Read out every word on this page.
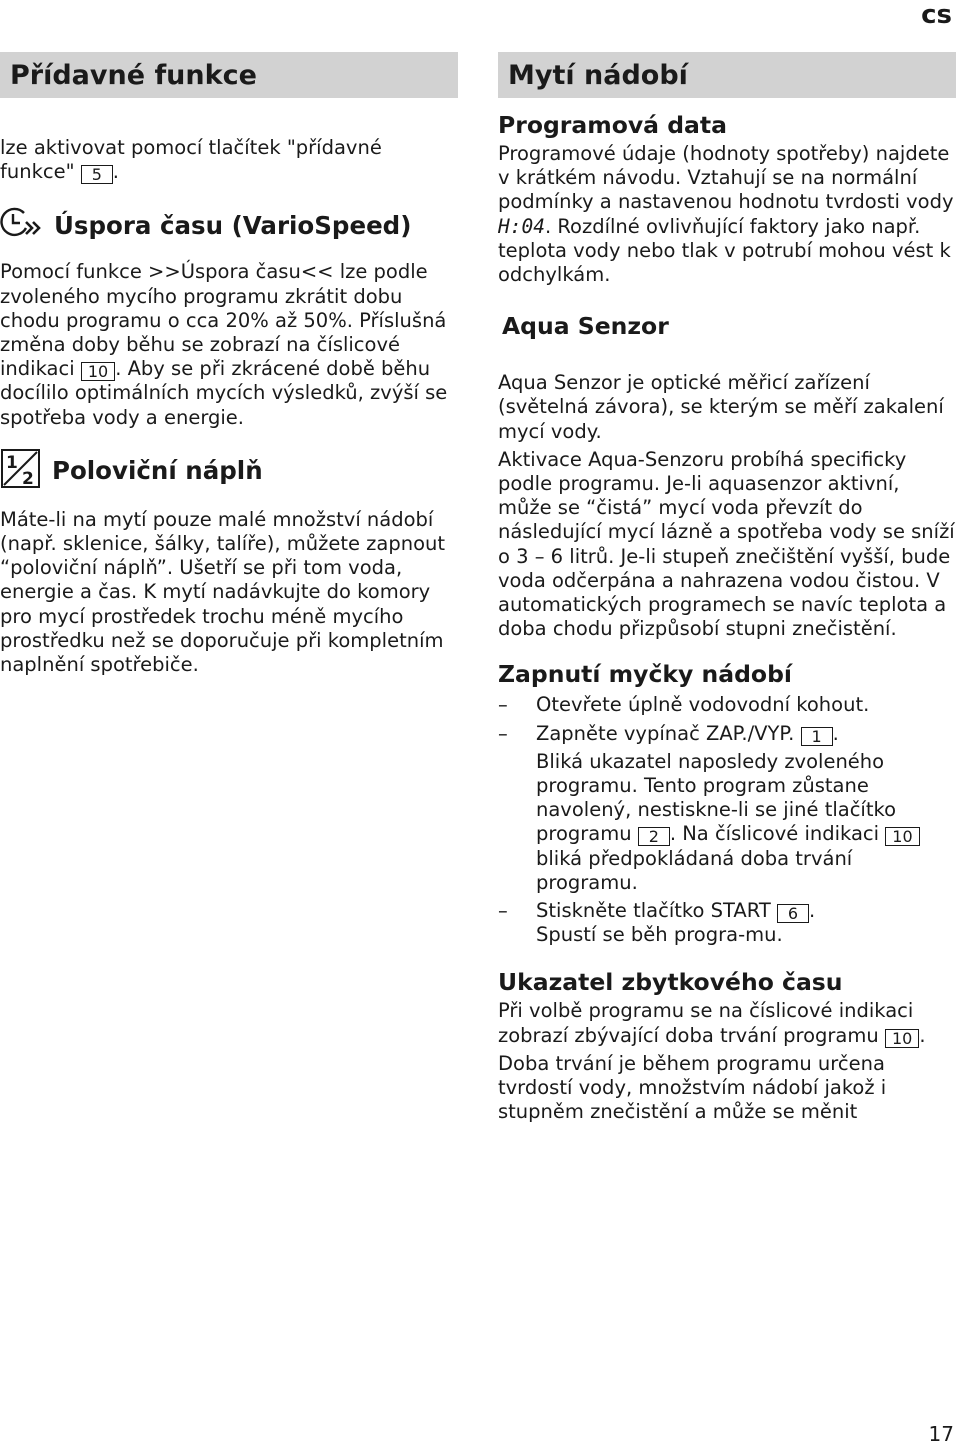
cs
Přídavné funkce

lze aktivovat pomocí tlačítek "přídavné funkce" 5 .

Úspora času (VarioSpeed)

Pomocí funkce >>Úspora času<< lze podle zvoleného mycího programu zkrátit dobu chodu programu o cca 20% až 50%. Příslušná změna doby běhu se zobrazí na číslicové indikaci 10 . Aby se při zkrácené době běhu docílilo optimálních mycích výsledků, zvýší se spotřeba vody a energie.

1
2 Poloviční náplň

Máte-li na mytí pouze malé množství nádobí (např. sklenice, šálky, talíře), můžete zapnout “poloviční náplň”. Ušetří se při tom voda, energie a čas. K mytí nadávkujte do komory pro mycí prostředek trochu méně mycího prostředku než se doporučuje při kompletním naplnění spotřebiče.

Mytí nádobí
Programová data

Programové údaje (hodnoty spotřeby) najdete v krátkém návodu. Vztahují se na normální podmínky a nastavenou hodnotu tvrdosti vody H:04. Rozdílné ovlivňující faktory jako např. teplota vody nebo tlak v potrubí mohou vést k odchylkám.

Aqua Senzor

Aqua Senzor je optické měřicí zařízení (světelná závora), se kterým se měří zakalení mycí vody.

Aktivace Aqua-Senzoru probíhá specificky podle programu. Je-li aquasenzor aktivní, může se “čistá” mycí voda převzít do následující mycí lázně a spotřeba vody se sníží o 3 – 6 litrů. Je-li stupeň znečištění vyšší, bude voda odčerpána a nahrazena vodou čistou. V automatických programech se navíc teplota a doba chodu přizpůsobí stupni znečistění.

Zapnutí myčky nádobí
–	Otevřete úplně vodovodní kohout.

–	Zapněte vypínač ZAP./VYP. 1 .

Bliká ukazatel naposledy zvoleného programu. Tento program zůstane navolený, nestiskne-li se jiné tlačítko programu 2 . Na číslicové indikaci 10 bliká předpokládaná doba trvání programu.

–	Stiskněte tlačítko START 6 . Spustí se běh progra-mu.

Ukazatel zbytkového času

Při volbě programu se na číslicové indikaci zobrazí zbývající doba trvání programu 10 .

Doba trvání je během programu určena tvrdostí vody, množstvím nádobí jakož i stupněm znečistění a může se měnit

17
